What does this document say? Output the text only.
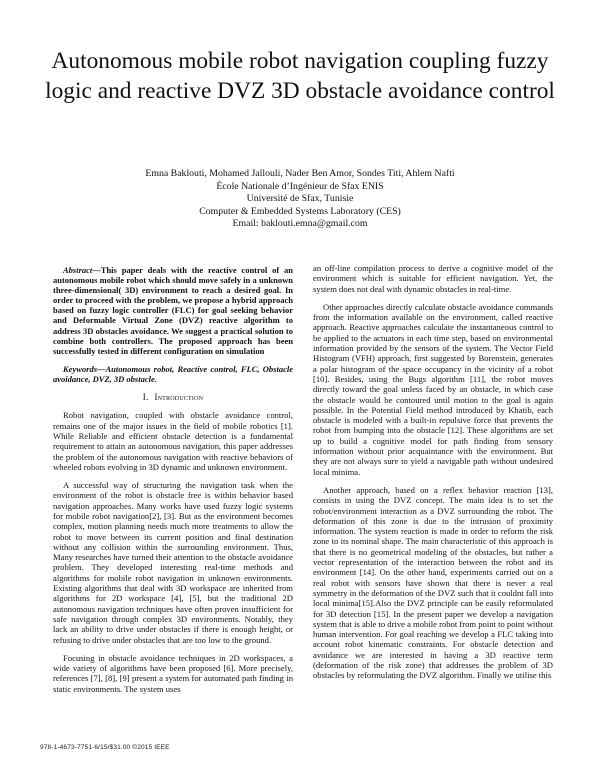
Autonomous mobile robot navigation coupling fuzzy logic and reactive DVZ 3D obstacle avoidance control
Emna Baklouti, Mohamed Jallouli, Nader Ben Amor, Sondes Titi, Ahlem Nafti
École Nationale d’Ingénieur de Sfax ENIS
Université de Sfax, Tunisie
Computer & Embedded Systems Laboratory (CES)
Email: baklouti.emna@gmail.com

Abstract—This paper deals with the reactive control of an autonomous mobile robot which should move safely in a unknown three-dimensional( 3D) environment to reach a desired goal. In order to proceed with the problem, we propose a hybrid approach based on fuzzy logic controller (FLC) for goal seeking behavior and Deformable Virtual Zone (DVZ) reactive algorithm to address 3D obstacles avoidance. We suggest a practical solution to combine both controllers. The proposed approach has been successfully tested in different configuration on simulation

Keywords—Autonomous robot, Reactive control, FLC, Obstacle avoidance, DVZ, 3D obstacle.

I. Introduction

Robot navigation, coupled with obstacle avoidance control, remains one of the major issues in the field of mobile robotics [1]. While Reliable and efficient obstacle detection is a fundamental requirement to attain an autonomous navigation, this paper addresses the problem of the autonomous navigation with reactive behaviors of wheeled robots evolving in 3D dynamic and unknown environment.

A successful way of structuring the navigation task when the environment of the robot is obstacle free is within behavior based navigation approaches. Many works have used fuzzy logic systems for mobile robot navigation[2], [3]. But as the environment becomes complex, motion planning needs much more treatments to allow the robot to move between its current position and final destination without any collision within the surrounding environment. Thus, Many researches have turned their attention to the obstacle avoidance problem. They developed interesting real-time methods and algorithms for mobile robot navigation in unknown environments. Existing algorithms that deal with 3D workspace are inherited from algorithms for 2D workspace [4], [5], but the traditional 2D autonomous navigation techniques have often proven insufficient for safe navigation through complex 3D environments. Notably, they lack an ability to drive under obstacles if there is enough height, or refusing to drive under obstacles that are too low to the ground.

Focusing in obstacle avoidance techniques in 2D workspaces, a wide variety of algorithms have been proposed [6]. More precisely, references [7], [8], [9] present a system for automated path finding in static environments. The system uses

an off-line compilation process to derive a cognitive model of the environment which is suitable for efficient navigation. Yet, the system does not deal with dynamic obstacles in real-time.

Other approaches directly calculate obstacle avoidance commands from the information available on the environment, called reactive approach. Reactive approaches calculate the instantaneous control to be applied to the actuators in each time step, based on environmental information provided by the sensors of the system. The Vector Field Histogram (VFH) approach, first suggested by Borenstein, generates a polar histogram of the space occupancy in the vicinity of a robot [10]. Besides, using the Bugs algorithm [11], the robot moves directly toward the goal unless faced by an obstacle, in which case the obstacle would be contoured until motion to the goal is again possible. In the Potential Field method introduced by Khatib, each obstacle is modeled with a built-in repulsive force that prevents the robot from bumping into the obstacle [12]. These algorithms are set up to build a cognitive model for path finding from sensory information without prior acquaintance with the environment. But they are not always sure to yield a navigable path without undesired local minima.

Another approach, based on a reflex behavior reaction [13], consists in using the DVZ concept. The main idea is to set the robot/environment interaction as a DVZ surrounding the robot. The deformation of this zone is due to the intrusion of proximity information. The system reaction is made in order to reform the risk zone to its nominal shape. The main characteristic of this approach is that there is no geometrical modeling of the obstacles, but rather a vector representation of the interaction between the robot and its environment [14]. On the other hand, experiments carried out on a real robot with sensors have shown that there is never a real symmetry in the deformation of the DVZ such that it couldnt fall into local minima[15].Also the DVZ principle can be easily reformulated for 3D detection [15]. In the present paper we develop a navigation system that is able to drive a mobile robot from point to point without human intervention. For goal reaching we develop a FLC taking into account robot kinematic constraints. For obstacle detection and avoidance we are interested in having a 3D reactive term (deformation of the risk zone) that addresses the problem of 3D obstacles by reformulating the DVZ algorithm. Finally we utilise this

978-1-4673-7751-6/15/$31.00 ©2015 IEEE
